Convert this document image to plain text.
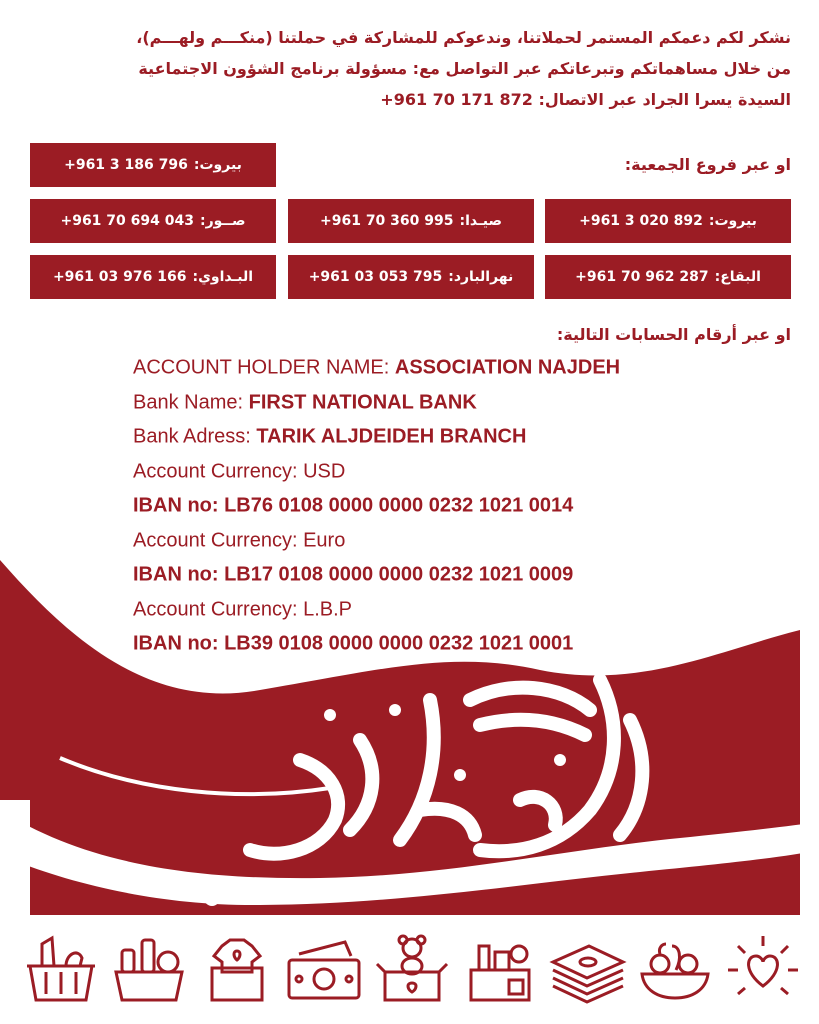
نشكر لكم دعمكم المستمر لحملاتنا، وندعوكم للمشاركة في حملتنا (منكـــم ولهـــم)،

من خلال مساهماتكم وتبرعاتكم عبر التواصل مع: مسؤولة برنامج الشؤون الاجتماعية

السيدة يسرا الجراد عبر الاتصال: +961 70 171 872

او عبر فروع الجمعية:
بيروت:
+961 3 186 796
بيروت:
+961 3 020 892
صيـدا:
+961 70 360 995
صــور:
+961 70 694 043
البقاع:
+961 70 962 287
نهرالبارد:
+961 03 053 795
البـداوي:
+961 03 976 166
او عبر أرقام الحسابات التالية:
ACCOUNT HOLDER NAME: ASSOCIATION NAJDEH
Bank Name: FIRST NATIONAL BANK
Bank Adress: TARIK ALJDEIDEH BRANCH
Account Currency: USD
IBAN no: LB76 0108 0000 0000 0232 1021 0014
Account Currency: Euro
IBAN no: LB17 0108 0000 0000 0232 1021 0009
Account Currency: L.B.P
IBAN no: LB39 0108 0000 0000 0232 1021 0001
